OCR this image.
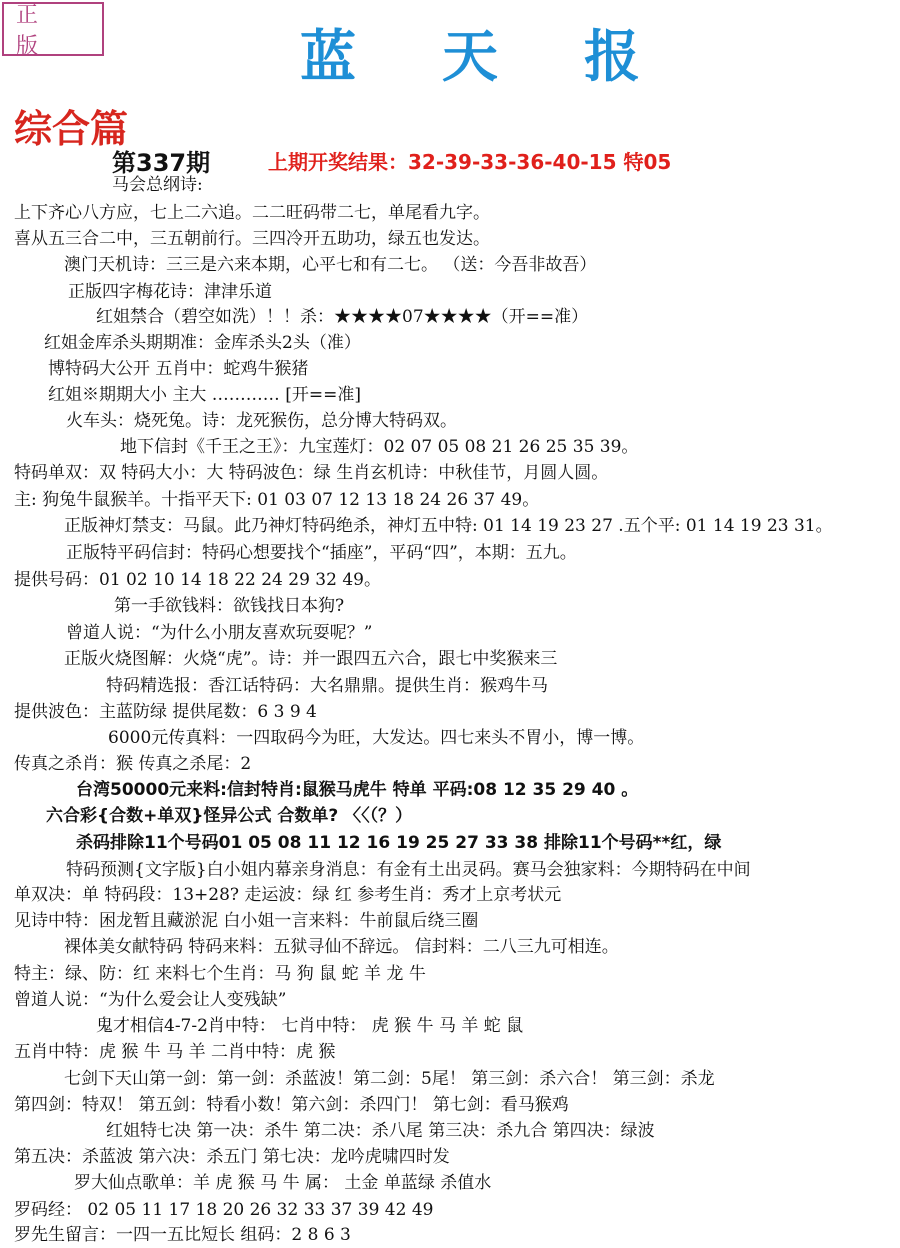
正 版	蓝 天 报
综合篇
第337期	上期开奖结果：32-39-33-36-40-15 特05
马会总纲诗:
上下齐心八方应，七上二六追。二二旺码带二七，单尾看九字。
喜从五三合二中，三五朝前行。三四冷开五助功，绿五也发达。
澳门天机诗：三三是六来本期，心平七和有二七。 （送：今吾非故吾）
正版四字梅花诗：津津乐道
红姐禁合（碧空如洗）！！杀：★★★★07★★★★（开==准）
红姐金库杀头期期准：金库杀头2头（准）
博特码大公开 五肖中：蛇鸡牛猴猪
红姐※期期大小 主大 ………… [开==准]
火车头：烧死兔。诗：龙死猴伤，总分博大特码双。
地下信封《千王之王》：九宝莲灯：02 07 05 08 21 26 25 35 39。
特码单双：双 特码大小：大 特码波色：绿 生肖玄机诗：中秋佳节，月圆人圆。
主: 狗兔牛鼠猴羊。十指平天下: 01 03 07 12 13 18 24 26 37 49。
正版神灯禁支：马鼠。此乃神灯特码绝杀，神灯五中特: 01 14 19 23 27 .五个平: 01 14 19 23 31。
正版特平码信封：特码心想要找个“插座”，平码“四”，本期：五九。
提供号码：01 02 10 14 18 22 24 29 32 49。
第一手欲钱料：欲钱找日本狗?
曾道人说：“为什么小朋友喜欢玩耍呢？”
正版火烧图解：火烧“虎”。诗：并一跟四五六合，跟七中奖猴来三
特码精选报：香江话特码：大名鼎鼎。提供生肖：猴鸡牛马
提供波色：主蓝防绿 提供尾数：6 3 9 4
6000元传真料：一四取码今为旺，大发达。四七来头不胃小，博一博。
传真之杀肖：猴 传真之杀尾：2
台湾50000元来料:信封特肖:鼠猴马虎牛 特单 平码:08 12 35 29 40 。
六合彩{合数+单双}怪异公式 合数单? 〈〈（？）
杀码排除11个号码01 05 08 11 12 16 19 25 27 33 38 排除11个号码**红，绿
特码预测{文字版}白小姐内幕亲身消息：有金有土出灵码。赛马会独家料：今期特码在中间
单双决：单 特码段：13+28? 走运波：绿 红 参考生肖：秀才上京考状元
见诗中特：困龙暂且藏淤泥 白小姐一言来料：牛前鼠后绕三圈
裸体美女献特码 特码来料：五狱寻仙不辞远。 信封料：二八三九可相连。
特主：绿、防：红 来料七个生肖：马 狗 鼠 蛇 羊 龙 牛
曾道人说：“为什么爱会让人变残缺”
鬼才相信4-7-2肖中特： 七肖中特： 虎 猴 牛 马 羊 蛇 鼠
五肖中特：虎 猴 牛 马 羊 二肖中特：虎 猴
七剑下天山第一剑：第一剑：杀蓝波！第二剑：5尾！ 第三剑：杀六合！ 第三剑：杀龙
第四剑：特双！ 第五剑：特看小数！第六剑：杀四门！ 第七剑：看马猴鸡
红姐特七决 第一决：杀牛 第二决：杀八尾 第三决：杀九合 第四决：绿波
第五决：杀蓝波 第六决：杀五门 第七决：龙吟虎啸四时发
罗大仙点歌单：羊 虎 猴 马 牛 属： 土金 单蓝绿 杀值水
罗码经： 02 05 11 17 18 20 26 32 33 37 39 42 49
罗先生留言：一四一五比短长 组码：2 8 6 3
